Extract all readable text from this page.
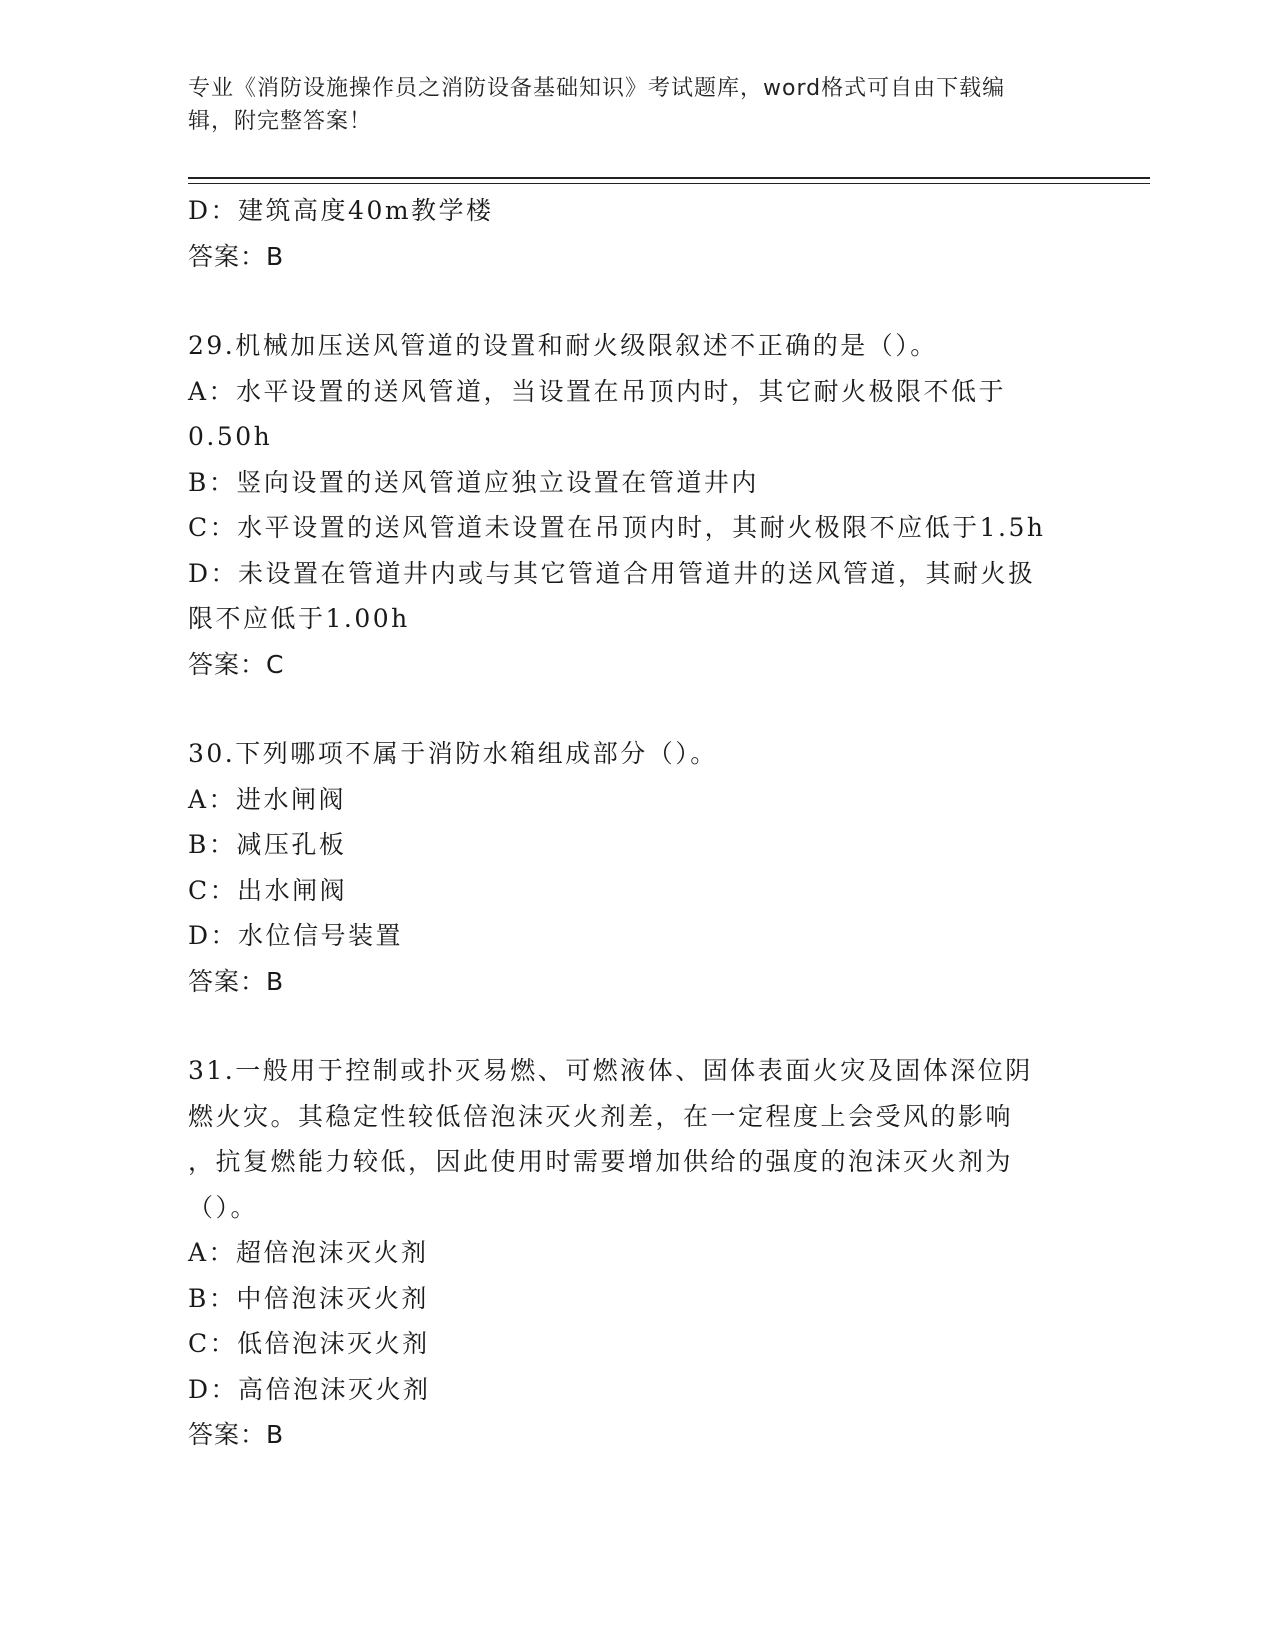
专业《消防设施操作员之消防设备基础知识》考试题库，word格式可自由下载编
辑，附完整答案！
D：建筑高度40m教学楼
答案：B
29.机械加压送风管道的设置和耐火级限叙述不正确的是（）。
A：水平设置的送风管道，当设置在吊顶内时，其它耐火极限不低于
0.50h
B：竖向设置的送风管道应独立设置在管道井内
C：水平设置的送风管道未设置在吊顶内时，其耐火极限不应低于1.5h
D：未设置在管道井内或与其它管道合用管道井的送风管道，其耐火扱
限不应低于1.00h
答案：C
30.下列哪项不属于消防水箱组成部分（）。
A：进水闸阀
B：减压孔板
C：出水闸阀
D：水位信号装置
答案：B
31.一般用于控制或扑灭易燃、可燃液体、固体表面火灾及固体深位阴
燃火灾。其稳定性较低倍泡沫灭火剂差，在一定程度上会受风的影响
，抗复燃能力较低，因此使用时需要增加供给的强度的泡沫灭火剂为
（）。
A：超倍泡沫灭火剂
B：中倍泡沫灭火剂
C：低倍泡沫灭火剂
D：高倍泡沫灭火剂
答案：B
